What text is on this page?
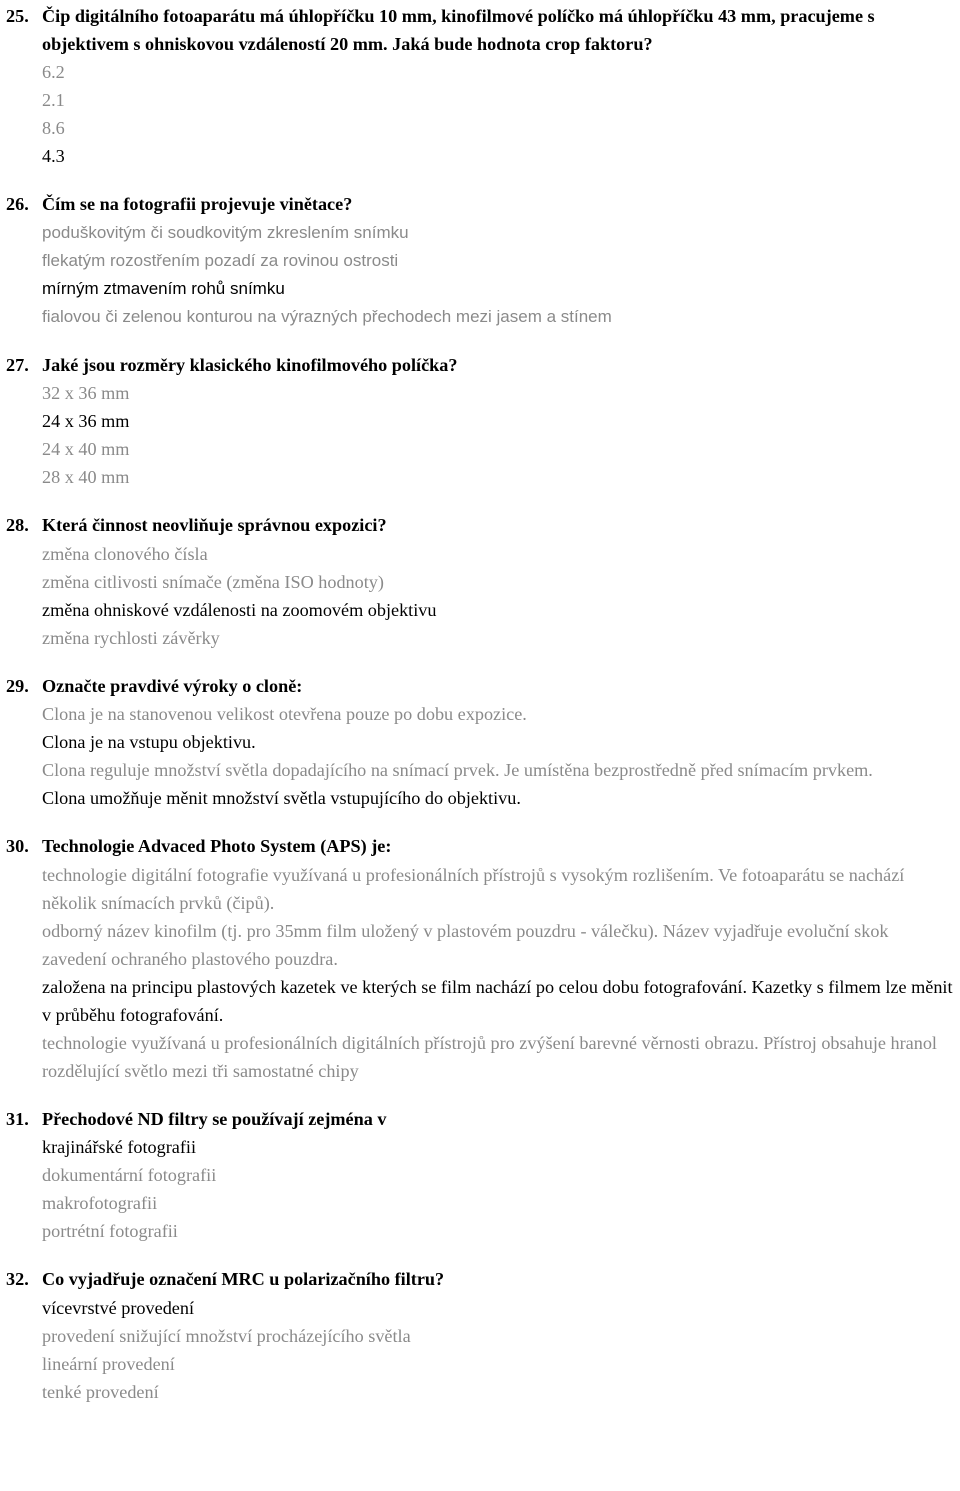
25. Čip digitálního fotoaparátu má úhlopříčku 10 mm, kinofilmové políčko má úhlopříčku 43 mm, pracujeme s objektivem s ohniskovou vzdáleností 20 mm. Jaká bude hodnota crop faktoru?

6.2

2.1

8.6

4.3

26. Čím se na fotografii projevuje vinětace?

poduškovitým či soudkovitým zkreslením snímku

flekatým rozostřením pozadí za rovinou ostrosti

mírným ztmavením rohů snímku

fialovou či zelenou konturou na výrazných přechodech mezi jasem a stínem

27. Jaké jsou rozměry klasického kinofilmového políčka?

32 x 36 mm

24 x 36 mm

24 x 40 mm

28 x 40 mm

28. Která činnost neovliňuje správnou expozici?

změna clonového čísla

změna citlivosti snímače (změna ISO hodnoty)

změna ohniskové vzdálenosti na zoomovém objektivu

změna rychlosti závěrky

29. Označte pravdivé výroky o cloně:

Clona je na stanovenou velikost otevřena pouze po dobu expozice.

Clona je na vstupu objektivu.

Clona reguluje množství světla dopadajícího na snímací prvek. Je umístěna bezprostředně před snímacím prvkem.

Clona umožňuje měnit množství světla vstupujícího do objektivu.

30. Technologie Advaced Photo System (APS) je:

technologie digitální fotografie využívaná u profesionálních přístrojů s vysokým rozlišením. Ve fotoaparátu se nachází několik snímacích prvků (čipů).

odborný název kinofilm (tj. pro 35mm film uložený v plastovém pouzdru - válečku). Název vyjadřuje evoluční skok zavedení ochraného plastového pouzdra.

založena na principu plastových kazetek ve kterých se film nachází po celou dobu fotografování. Kazetky s filmem lze měnit v průběhu fotografování.

technologie využívaná u profesionálních digitálních přístrojů pro zvýšení barevné věrnosti obrazu. Přístroj obsahuje hranol rozdělující světlo mezi tři samostatné chipy

31. Přechodové ND filtry se používají zejména v

krajinářské fotografii

dokumentární fotografii

makrofotografii

portrétní fotografii

32. Co vyjadřuje označení MRC u polarizačního filtru?

vícevrstvé provedení

provedení snižující množství procházejícího světla

lineární provedení

tenké provedení
